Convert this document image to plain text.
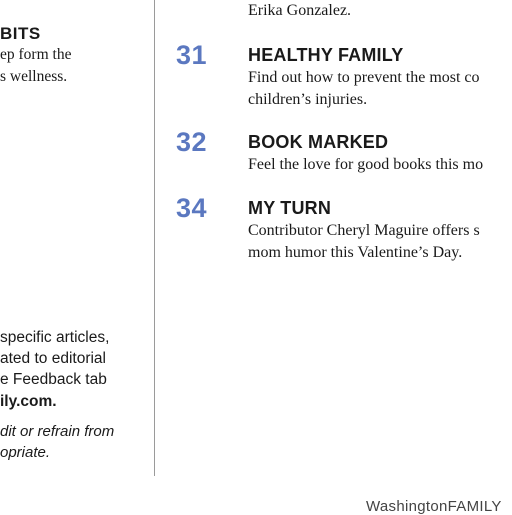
BITS
ep form the
s wellness.
specific articles,
ated to editorial
e Feedback tab
ily.com.
dit or refrain from
opriate.
Erika Gonzalez.
31 HEALTHY FAMILY
Find out how to prevent the most co
children’s injuries.
32 BOOK MARKED
Feel the love for good books this mo
34 MY TURN
Contributor Cheryl Maguire offers s
mom humor this Valentine’s Day.
WashingtonFAMILY
